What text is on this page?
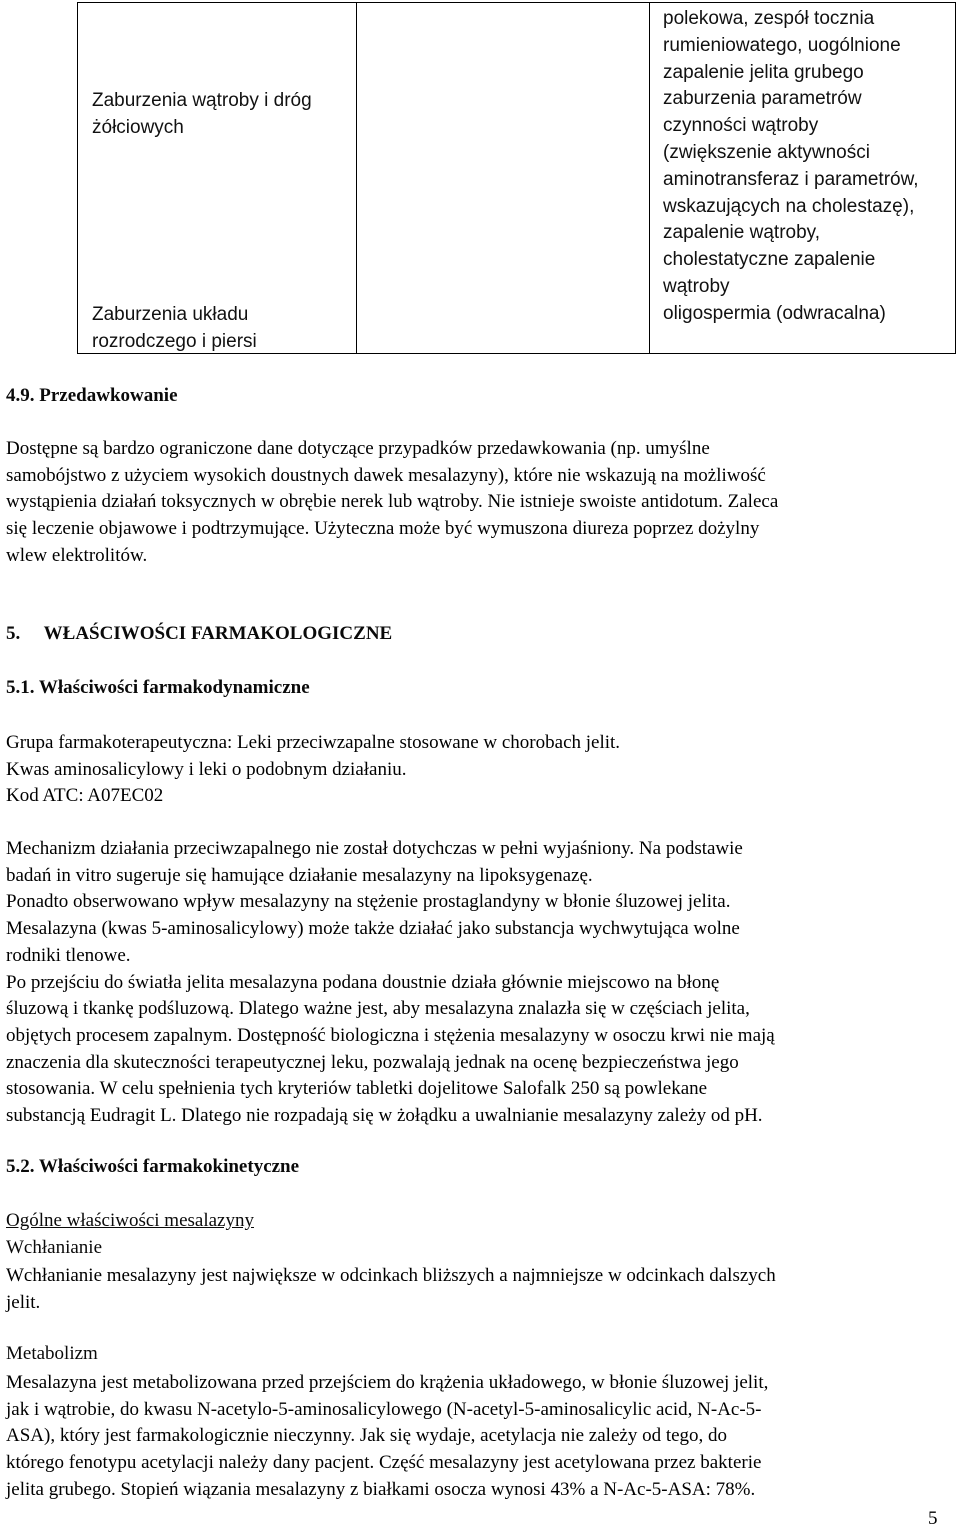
Zaburzenia wątroby i dróg
żółciowych
Zaburzenia układu
rozrodczego i piersi
polekowa, zespół tocznia
rumieniowatego, uogólnione
zapalenie jelita grubego
zaburzenia parametrów
czynności wątroby
(zwiększenie aktywności
aminotransferaz i parametrów,
wskazujących na cholestazę),
zapalenie wątroby,
cholestatyczne zapalenie
wątroby
oligospermia (odwracalna)
4.9. Przedawkowanie
Dostępne są bardzo ograniczone dane dotyczące przypadków przedawkowania (np. umyślne
samobójstwo z użyciem wysokich doustnych dawek mesalazyny), które nie wskazują na możliwość
wystąpienia działań toksycznych w obrębie nerek lub wątroby. Nie istnieje swoiste antidotum. Zaleca
się leczenie objawowe i podtrzymujące. Użyteczna może być wymuszona diureza poprzez dożylny
wlew elektrolitów.
5.     WŁAŚCIWOŚCI FARMAKOLOGICZNE
5.1. Właściwości farmakodynamiczne
Grupa farmakoterapeutyczna: Leki przeciwzapalne stosowane w chorobach jelit.
Kwas aminosalicylowy i leki o podobnym działaniu.
Kod ATC: A07EC02
Mechanizm działania przeciwzapalnego nie został dotychczas w pełni wyjaśniony. Na podstawie
badań in vitro sugeruje się hamujące działanie mesalazyny na lipoksygenazę.
Ponadto obserwowano wpływ mesalazyny na stężenie prostaglandyny w błonie śluzowej jelita.
Mesalazyna (kwas 5-aminosalicylowy) może także działać jako substancja wychwytująca wolne
rodniki tlenowe.
Po przejściu do światła jelita mesalazyna podana doustnie działa głównie miejscowo na błonę
śluzową i tkankę podśluzową. Dlatego ważne jest, aby mesalazyna znalazła się w częściach jelita,
objętych procesem zapalnym. Dostępność biologiczna i stężenia mesalazyny w osoczu krwi nie mają
znaczenia dla skuteczności terapeutycznej leku, pozwalają jednak na ocenę bezpieczeństwa jego
stosowania. W celu spełnienia tych kryteriów tabletki dojelitowe Salofalk 250 są powlekane
substancją Eudragit L. Dlatego nie rozpadają się w żołądku a uwalnianie mesalazyny zależy od pH.
5.2. Właściwości farmakokinetyczne
Ogólne właściwości mesalazyny
Wchłanianie
Wchłanianie mesalazyny jest największe w odcinkach bliższych a najmniejsze w odcinkach dalszych
jelit.
Metabolizm
Mesalazyna jest metabolizowana przed przejściem do krążenia układowego, w błonie śluzowej jelit,
jak i wątrobie, do kwasu N-acetylo-5-aminosalicylowego (N-acetyl-5-aminosalicylic acid, N-Ac-5-
ASA), który jest farmakologicznie nieczynny. Jak się wydaje, acetylacja nie zależy od tego, do
którego fenotypu acetylacji należy dany pacjent. Część mesalazyny jest acetylowana przez bakterie
jelita grubego. Stopień wiązania mesalazyny z białkami osocza wynosi 43% a N-Ac-5-ASA: 78%.
5
